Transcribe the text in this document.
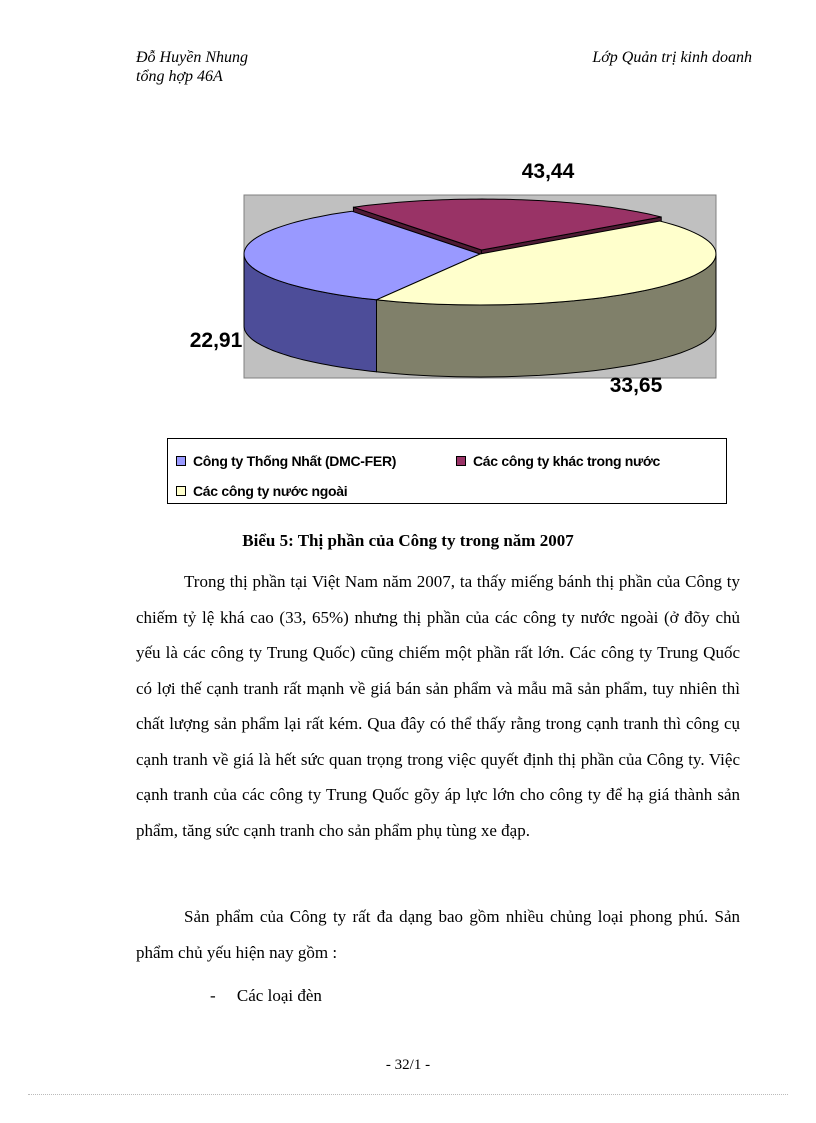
Đỗ Huyền Nhung
tổng hợp 46A
Lớp Quản trị kinh doanh
33,65
22,91
43,44
Công ty Thống Nhất (DMC-FER)	Các công ty khác trong nước
Các công ty nước ngoài
Biểu 5: Thị phần của Công ty trong năm 2007

Trong thị phần tại Việt Nam năm 2007, ta thấy miếng bánh thị phần của Công ty chiếm tỷ lệ khá cao (33, 65%) nhưng thị phần của các công ty nước ngoài (ở đõy chủ yếu là các công ty Trung Quốc) cũng chiếm một phần rất lớn. Các công ty Trung Quốc có lợi thế cạnh tranh rất mạnh về giá bán sản phẩm và mẫu mã sản phẩm, tuy nhiên thì chất lượng sản phẩm lại rất kém. Qua đây có thể thấy rằng trong cạnh tranh thì công cụ cạnh tranh về giá là hết sức quan trọng trong việc quyết định thị phần của Công ty. Việc cạnh tranh của các công ty Trung Quốc gõy áp lực lớn cho công ty để hạ giá thành sản phẩm, tăng sức cạnh tranh cho sản phẩm phụ tùng xe đạp.

Sản phẩm của Công ty rất đa dạng bao gồm nhiều chủng loại phong phú. Sản phẩm chủ yếu hiện nay gồm :

-     Các loại đèn
- 32/1 -
